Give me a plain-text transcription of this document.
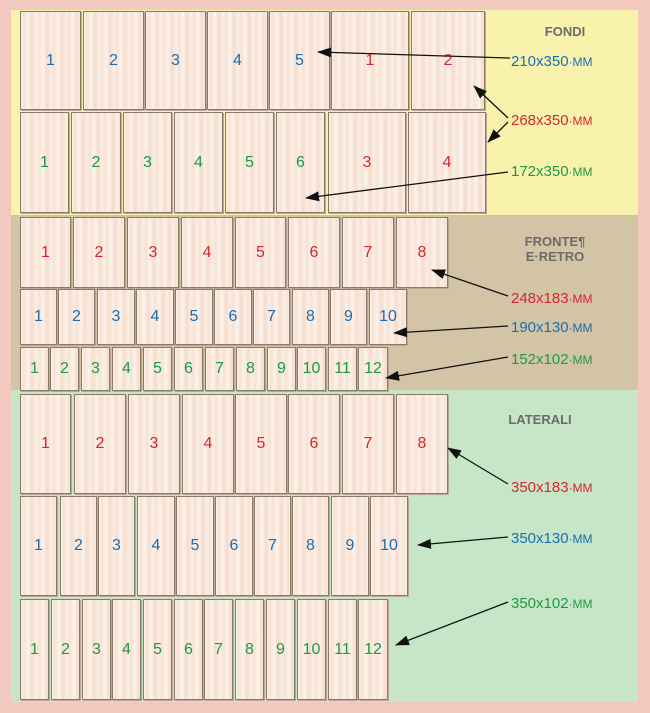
1	2	3	4	5	1	2
1	2	3	4	5	6	3	4
1	2	3	4	5	6	7	8
1	2	3	4	5	6	7	8	9	10
1	2	3	4	5	6	7	8	9	10 11 12
1	2	3	4	5	6	7	8
1	2	3	4	5	6	7	8	9	10
1	2	3	4	5	6	7	8	9	10 11 12
FONDI
FRONTE¶
E·RETRO
LATERALI
210x350·MM
268x350·MM
172x350·MM
248x183·MM
190x130·MM
152x102·MM
350x183·MM
350x130·MM
350x102·MM
